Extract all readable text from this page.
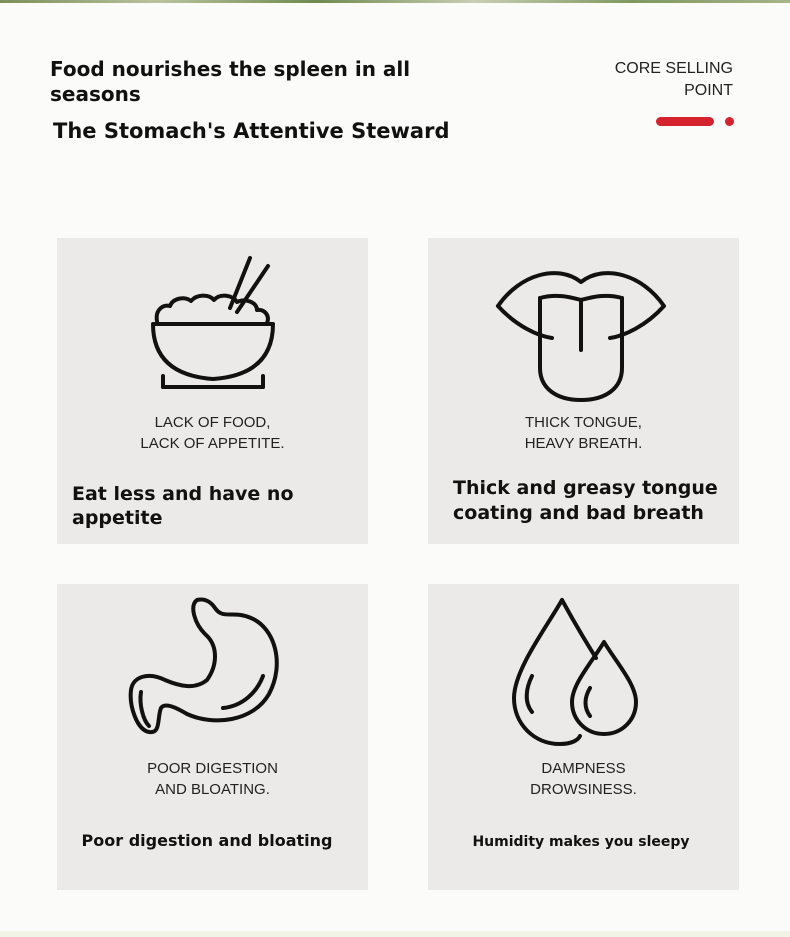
Food nourishes the spleen in all seasons
The Stomach's Attentive Steward
CORE SELLING
POINT
LACK OF FOOD,
LACK OF APPETITE.

Eat less and have no appetite

THICK TONGUE,
HEAVY BREATH.

Thick and greasy tongue coating and bad breath

POOR DIGESTION
AND BLOATING.

Poor digestion and bloating

DAMPNESS
DROWSINESS.

Humidity makes you sleepy
